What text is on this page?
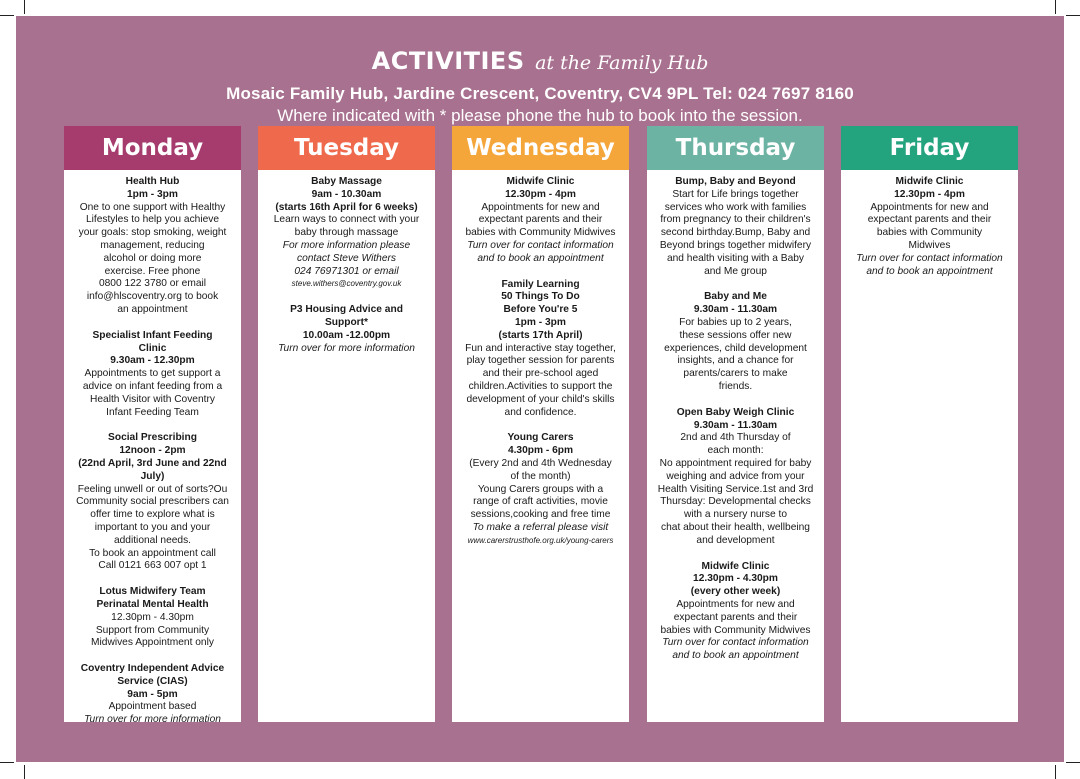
ACTIVITIES at the Family Hub
Mosaic Family Hub, Jardine Crescent, Coventry, CV4 9PL Tel: 024 7697 8160
Where indicated with * please phone the hub to book into the session.
Monday
Health Hub
1pm - 3pm
One to one support with Healthy
Lifestyles to help you achieve
your goals: stop smoking, weight
management, reducing
alcohol or doing more
exercise. Free phone
0800 122 3780 or email
info@hlscoventry.org to book
an appointment
Specialist Infant Feeding
Clinic
9.30am - 12.30pm
Appointments to get support a
advice on infant feeding from a
Health Visitor with Coventry
Infant Feeding Team
Social Prescribing
12noon - 2pm
(22nd April, 3rd June and 22nd
July)
Feeling unwell or out of sorts?Ou
Community social prescribers can
offer time to explore what is
important to you and your
additional needs.
To book an appointment call
Call 0121 663 007 opt 1
Lotus Midwifery Team
Perinatal Mental Health
12.30pm - 4.30pm
Support from Community
Midwives Appointment only
Coventry Independent Advice
Service (CIAS)
9am - 5pm
Appointment based
Turn over for more information
Tuesday
Baby Massage
9am - 10.30am
(starts 16th April for 6 weeks)
Learn ways to connect with your
baby through massage
For more information please
contact Steve Withers
024 76971301 or email
steve.withers@coventry.gov.uk
P3 Housing Advice and
Support*
10.00am -12.00pm
Turn over for more information
Wednesday
Midwife Clinic
12.30pm - 4pm
Appointments for new and
expectant parents and their
babies with Community Midwives
Turn over for contact information
and to book an appointment
Family Learning
50 Things To Do
Before You're 5
1pm - 3pm
(starts 17th April)
Fun and interactive stay together,
play together session for parents
and their pre-school aged
children.Activities to support the
development of your child's skills
and confidence.
Young Carers
4.30pm - 6pm
(Every 2nd and 4th Wednesday
of the month)
Young Carers groups with a
range of craft activities, movie
sessions,cooking and free time
To make a referral please visit
www.carerstrusthofe.org.uk/young-carers
Thursday
Bump, Baby and Beyond
Start for Life brings together
services who work with families
from pregnancy to their children's
second birthday.Bump, Baby and
Beyond brings together midwifery
and health visiting with a Baby
and Me group
Baby and Me
9.30am - 11.30am
For babies up to 2 years,
these sessions offer new
experiences, child development
insights, and a chance for
parents/carers to make
friends.
Open Baby Weigh Clinic
9.30am - 11.30am
2nd and 4th Thursday of
each month:
No appointment required for baby
weighing and advice from your
Health Visiting Service.1st and 3rd
Thursday: Developmental checks
with a nursery nurse to
chat about their health, wellbeing
and development
Midwife Clinic
12.30pm - 4.30pm
(every other week)
Appointments for new and
expectant parents and their
babies with Community Midwives
Turn over for contact information
and to book an appointment
Friday
Midwife Clinic
12.30pm - 4pm
Appointments for new and
expectant parents and their
babies with Community
Midwives
Turn over for contact information
and to book an appointment
